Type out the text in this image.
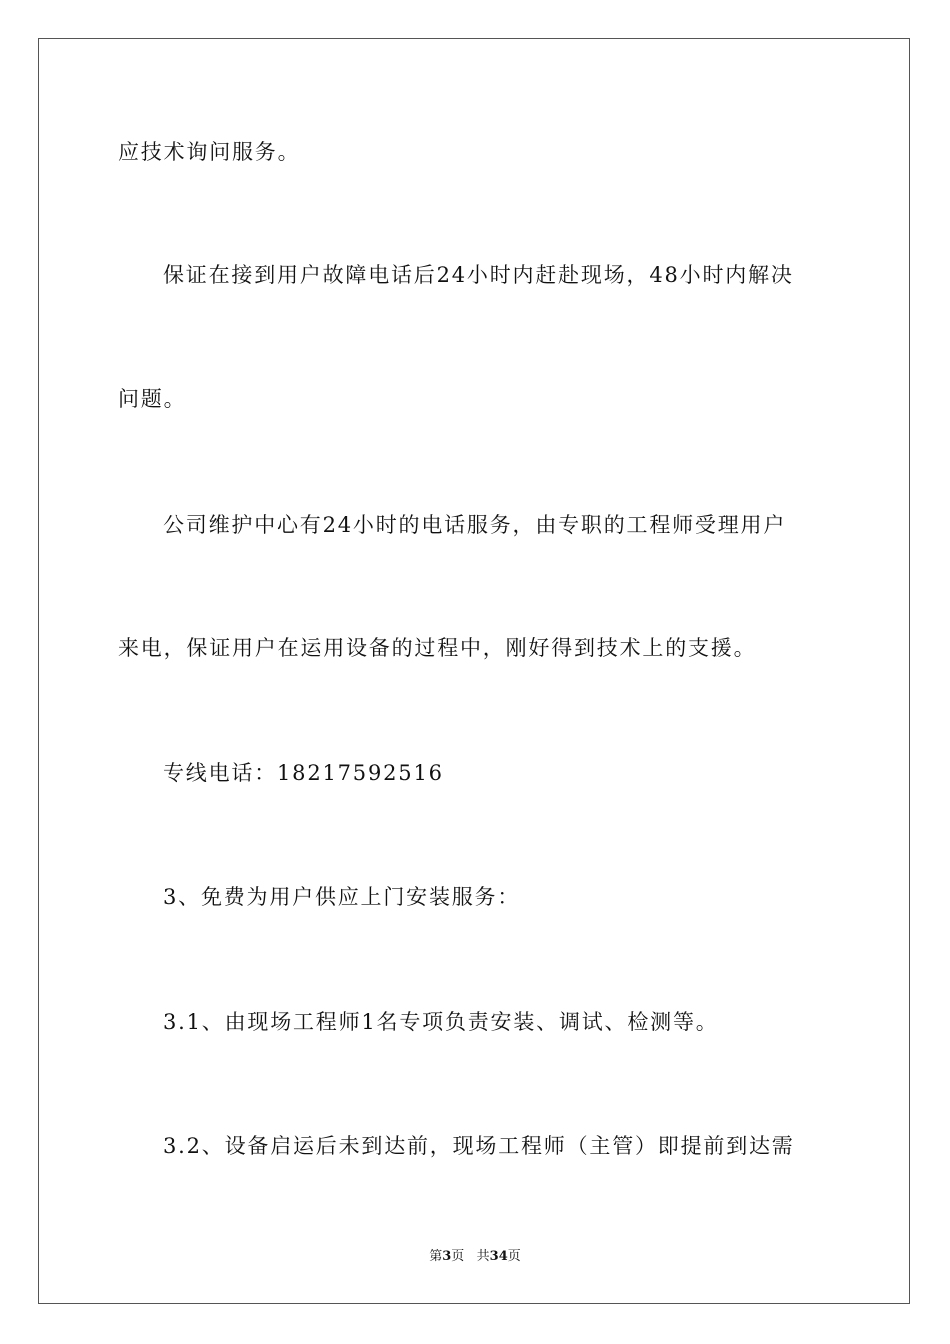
应技术询问服务。
保证在接到用户故障电话后24小时内赶赴现场，48小时内解决
问题。
公司维护中心有24小时的电话服务，由专职的工程师受理用户
来电，保证用户在运用设备的过程中，刚好得到技术上的支援。
专线电话：18217592516
3、免费为用户供应上门安装服务：
3.1、由现场工程师1名专项负责安装、调试、检测等。
3.2、设备启运后未到达前，现场工程师（主管）即提前到达需
第3页   共34页
